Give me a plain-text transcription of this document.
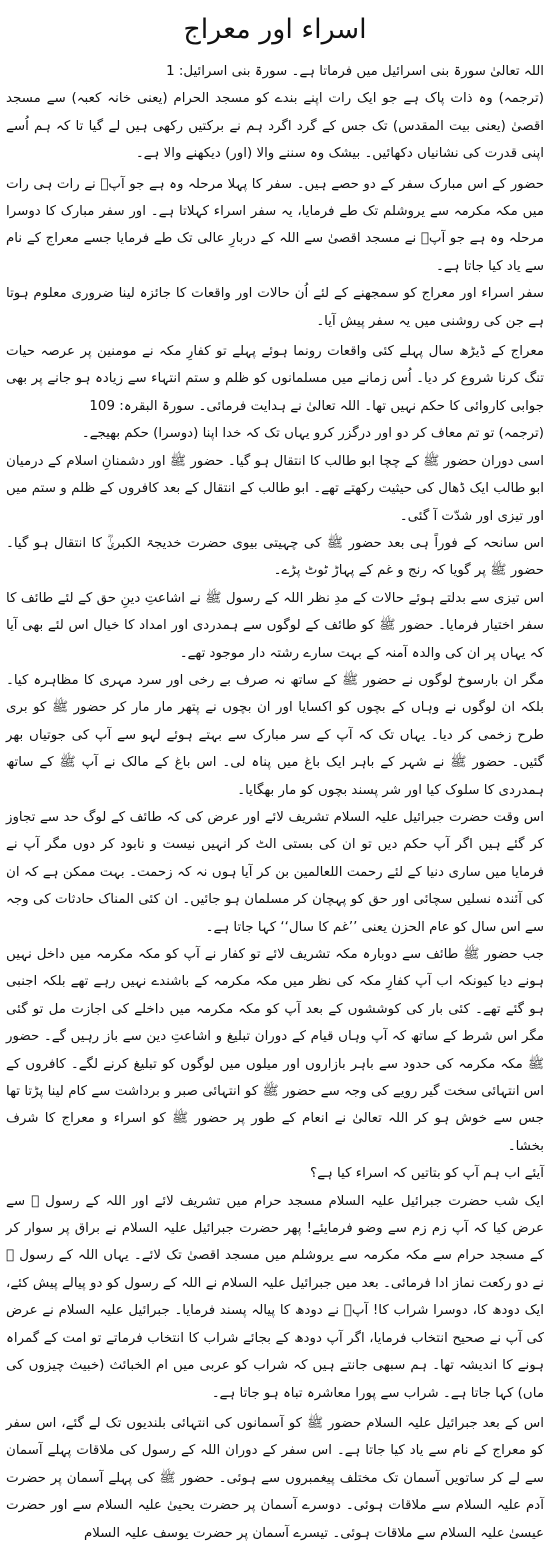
اسراء اور معراج

اللہ تعالیٰ سورۃ بنی اسرائیل میں فرماتا ہے۔ سورۃ بنی اسرائیل: 1

(ترجمہ) وہ ذات پاک ہے جو ایک رات اپنے بندے کو مسجد الحرام (یعنی خانہ کعبہ) سے مسجد اقصیٰ (یعنی بیت المقدس) تک جس کے گرد اگرد ہم نے برکتیں رکھی ہیں لے گیا تا کہ ہم اُسے اپنی قدرت کی نشانیاں دکھائیں۔ بیشک وہ سننے والا (اور) دیکھنے والا ہے۔

حضور کے اس مبارک سفر کے دو حصے ہیں۔ سفر کا پہلا مرحلہ وہ ہے جو آپؐ نے رات ہی رات میں مکہ مکرمہ سے یروشلم تک طے فرمایا، یہ سفر اسراء کہلاتا ہے۔ اور سفر مبارک کا دوسرا مرحلہ وہ ہے جو آپؐ نے مسجد اقصیٰ سے اللہ کے دربارِ عالی تک طے فرمایا جسے معراج کے نام سے یاد کیا جاتا ہے۔

سفر اسراء اور معراج کو سمجھنے کے لئے اُن حالات اور واقعات کا جائزہ لینا ضروری معلوم ہوتا ہے جن کی روشنی میں یہ سفر پیش آیا۔

معراج کے ڈیڑھ سال پہلے کئی واقعات رونما ہوئے پہلے تو کفارِ مکہ نے مومنین پر عرصہ حیات تنگ کرنا شروع کر دیا۔ اُس زمانے میں مسلمانوں کو ظلم و ستم انتہاء سے زیادہ ہو جانے پر بھی جوابی کاروائی کا حکم نہیں تھا۔ اللہ تعالیٰ نے ہدایت فرمائی۔ سورۃ البقرہ: 109

(ترجمہ) تو تم معاف کر دو اور درگزر کرو یہاں تک کہ خدا اپنا (دوسرا) حکم بھیجے۔

اسی دوران حضور ﷺ کے چچا ابو طالب کا انتقال ہو گیا۔ حضور ﷺ اور دشمنانِ اسلام کے درمیان ابو طالب ایک ڈھال کی حیثیت رکھتے تھے۔ ابو طالب کے انتقال کے بعد کافروں کے ظلم و ستم میں اور تیزی اور شدّت آ گئی۔

اس سانحہ کے فوراً ہی بعد حضور ﷺ کی چہیتی بیوی حضرت خدیجۃ الکبریٰؓ کا انتقال ہو گیا۔ حضور ﷺ پر گویا کہ رنج و غم کے پہاڑ ٹوٹ پڑے۔

اس تیزی سے بدلتے ہوئے حالات کے مدِ نظر اللہ کے رسول ﷺ نے اشاعتِ دینِ حق کے لئے طائف کا سفر اختیار فرمایا۔ حضور ﷺ کو طائف کے لوگوں سے ہمدردی اور امداد کا خیال اس لئے بھی آیا کہ یہاں پر ان کی والدہ آمنہ کے بہت سارے رشتہ دار موجود تھے۔

مگر ان بارسوخ لوگوں نے حضور ﷺ کے ساتھ نہ صرف بے رخی اور سرد مہری کا مظاہرہ کیا۔ بلکہ ان لوگوں نے وہاں کے بچوں کو اکسایا اور ان بچوں نے پتھر مار مار کر حضور ﷺ کو بری طرح زخمی کر دیا۔ یہاں تک کہ آپ کے سر مبارک سے بہتے ہوئے لہو سے آپ کی جوتیاں بھر گئیں۔ حضور ﷺ نے شہر کے باہر ایک باغ میں پناہ لی۔ اس باغ کے مالک نے آپ ﷺ کے ساتھ ہمدردی کا سلوک کیا اور شر پسند بچوں کو مار بھگایا۔

اس وقت حضرت جبرائیل علیہ السلام تشریف لائے اور عرض کی کہ طائف کے لوگ حد سے تجاوز کر گئے ہیں اگر آپ حکم دیں تو ان کی بستی الٹ کر انہیں نیست و نابود کر دوں مگر آپ نے فرمایا میں ساری دنیا کے لئے رحمت اللعالمین بن کر آیا ہوں نہ کہ زحمت۔ بہت ممکن ہے کہ ان کی آئندہ نسلیں سچائی اور حق کو پہچان کر مسلمان ہو جائیں۔ ان کئی المناک حادثات کی وجہ سے اس سال کو عام الحزن یعنی ’’غم کا سال‘‘ کہا جاتا ہے۔

جب حضور ﷺ طائف سے دوبارہ مکہ تشریف لائے تو کفار نے آپ کو مکہ مکرمہ میں داخل نہیں ہونے دیا کیونکہ اب آپ کفارِ مکہ کی نظر میں مکہ مکرمہ کے باشندے نہیں رہے تھے بلکہ اجنبی ہو گئے تھے۔ کئی بار کی کوششوں کے بعد آپ کو مکہ مکرمہ میں داخلے کی اجازت مل تو گئی مگر اس شرط کے ساتھ کہ آپ وہاں قیام کے دوران تبلیغ و اشاعتِ دین سے باز رہیں گے۔ حضور ﷺ مکہ مکرمہ کی حدود سے باہر بازاروں اور میلوں میں لوگوں کو تبلیغ کرنے لگے۔ کافروں کے اس انتہائی سخت گیر رویے کی وجہ سے حضور ﷺ کو انتہائی صبر و برداشت سے کام لینا پڑتا تھا جس سے خوش ہو کر اللہ تعالیٰ نے انعام کے طور پر حضور ﷺ کو اسراء و معراج کا شرف بخشا۔

آیئے اب ہم آپ کو بتاتیں کہ اسراء کیا ہے؟

ایک شب حضرت جبرائیل علیہ السلام مسجد حرام میں تشریف لائے اور اللہ کے رسول ﷺ سے عرض کیا کہ آپ زم زم سے وضو فرمایئے! پھر حضرت جبرائیل علیہ السلام نے براق پر سوار کر کے مسجد حرام سے مکہ مکرمہ سے یروشلم میں مسجد اقصیٰ تک لائے۔ یہاں اللہ کے رسول ﷺ نے دو رکعت نماز ادا فرمائی۔ بعد میں جبرائیل علیہ السلام نے اللہ کے رسول کو دو پیالے پیش کئے، ایک دودھ کا، دوسرا شراب کا! آپؐ نے دودھ کا پیالہ پسند فرمایا۔ جبرائیل علیہ السلام نے عرض کی آپ نے صحیح انتخاب فرمایا، اگر آپ دودھ کے بجائے شراب کا انتخاب فرماتے تو امت کے گمراہ ہونے کا اندیشہ تھا۔ ہم سبھی جانتے ہیں کہ شراب کو عربی میں ام الخبائث (خبیث چیزوں کی ماں) کہا جاتا ہے۔ شراب سے پورا معاشرہ تباہ ہو جاتا ہے۔

اس کے بعد جبرائیل علیہ السلام حضور ﷺ کو آسمانوں کی انتہائی بلندیوں تک لے گئے، اس سفر کو معراج کے نام سے یاد کیا جاتا ہے۔ اس سفر کے دوران اللہ کے رسول کی ملاقات پہلے آسمان سے لے کر ساتویں آسمان تک مختلف پیغمبروں سے ہوئی۔ حضور ﷺ کی پہلے آسمان پر حضرت آدم علیہ السلام سے ملاقات ہوئی۔ دوسرے آسمان پر حضرت یحییٰ علیہ السلام سے اور حضرت عیسیٰ علیہ السلام سے ملاقات ہوئی۔ تیسرے آسمان پر حضرت یوسف علیہ السلام
